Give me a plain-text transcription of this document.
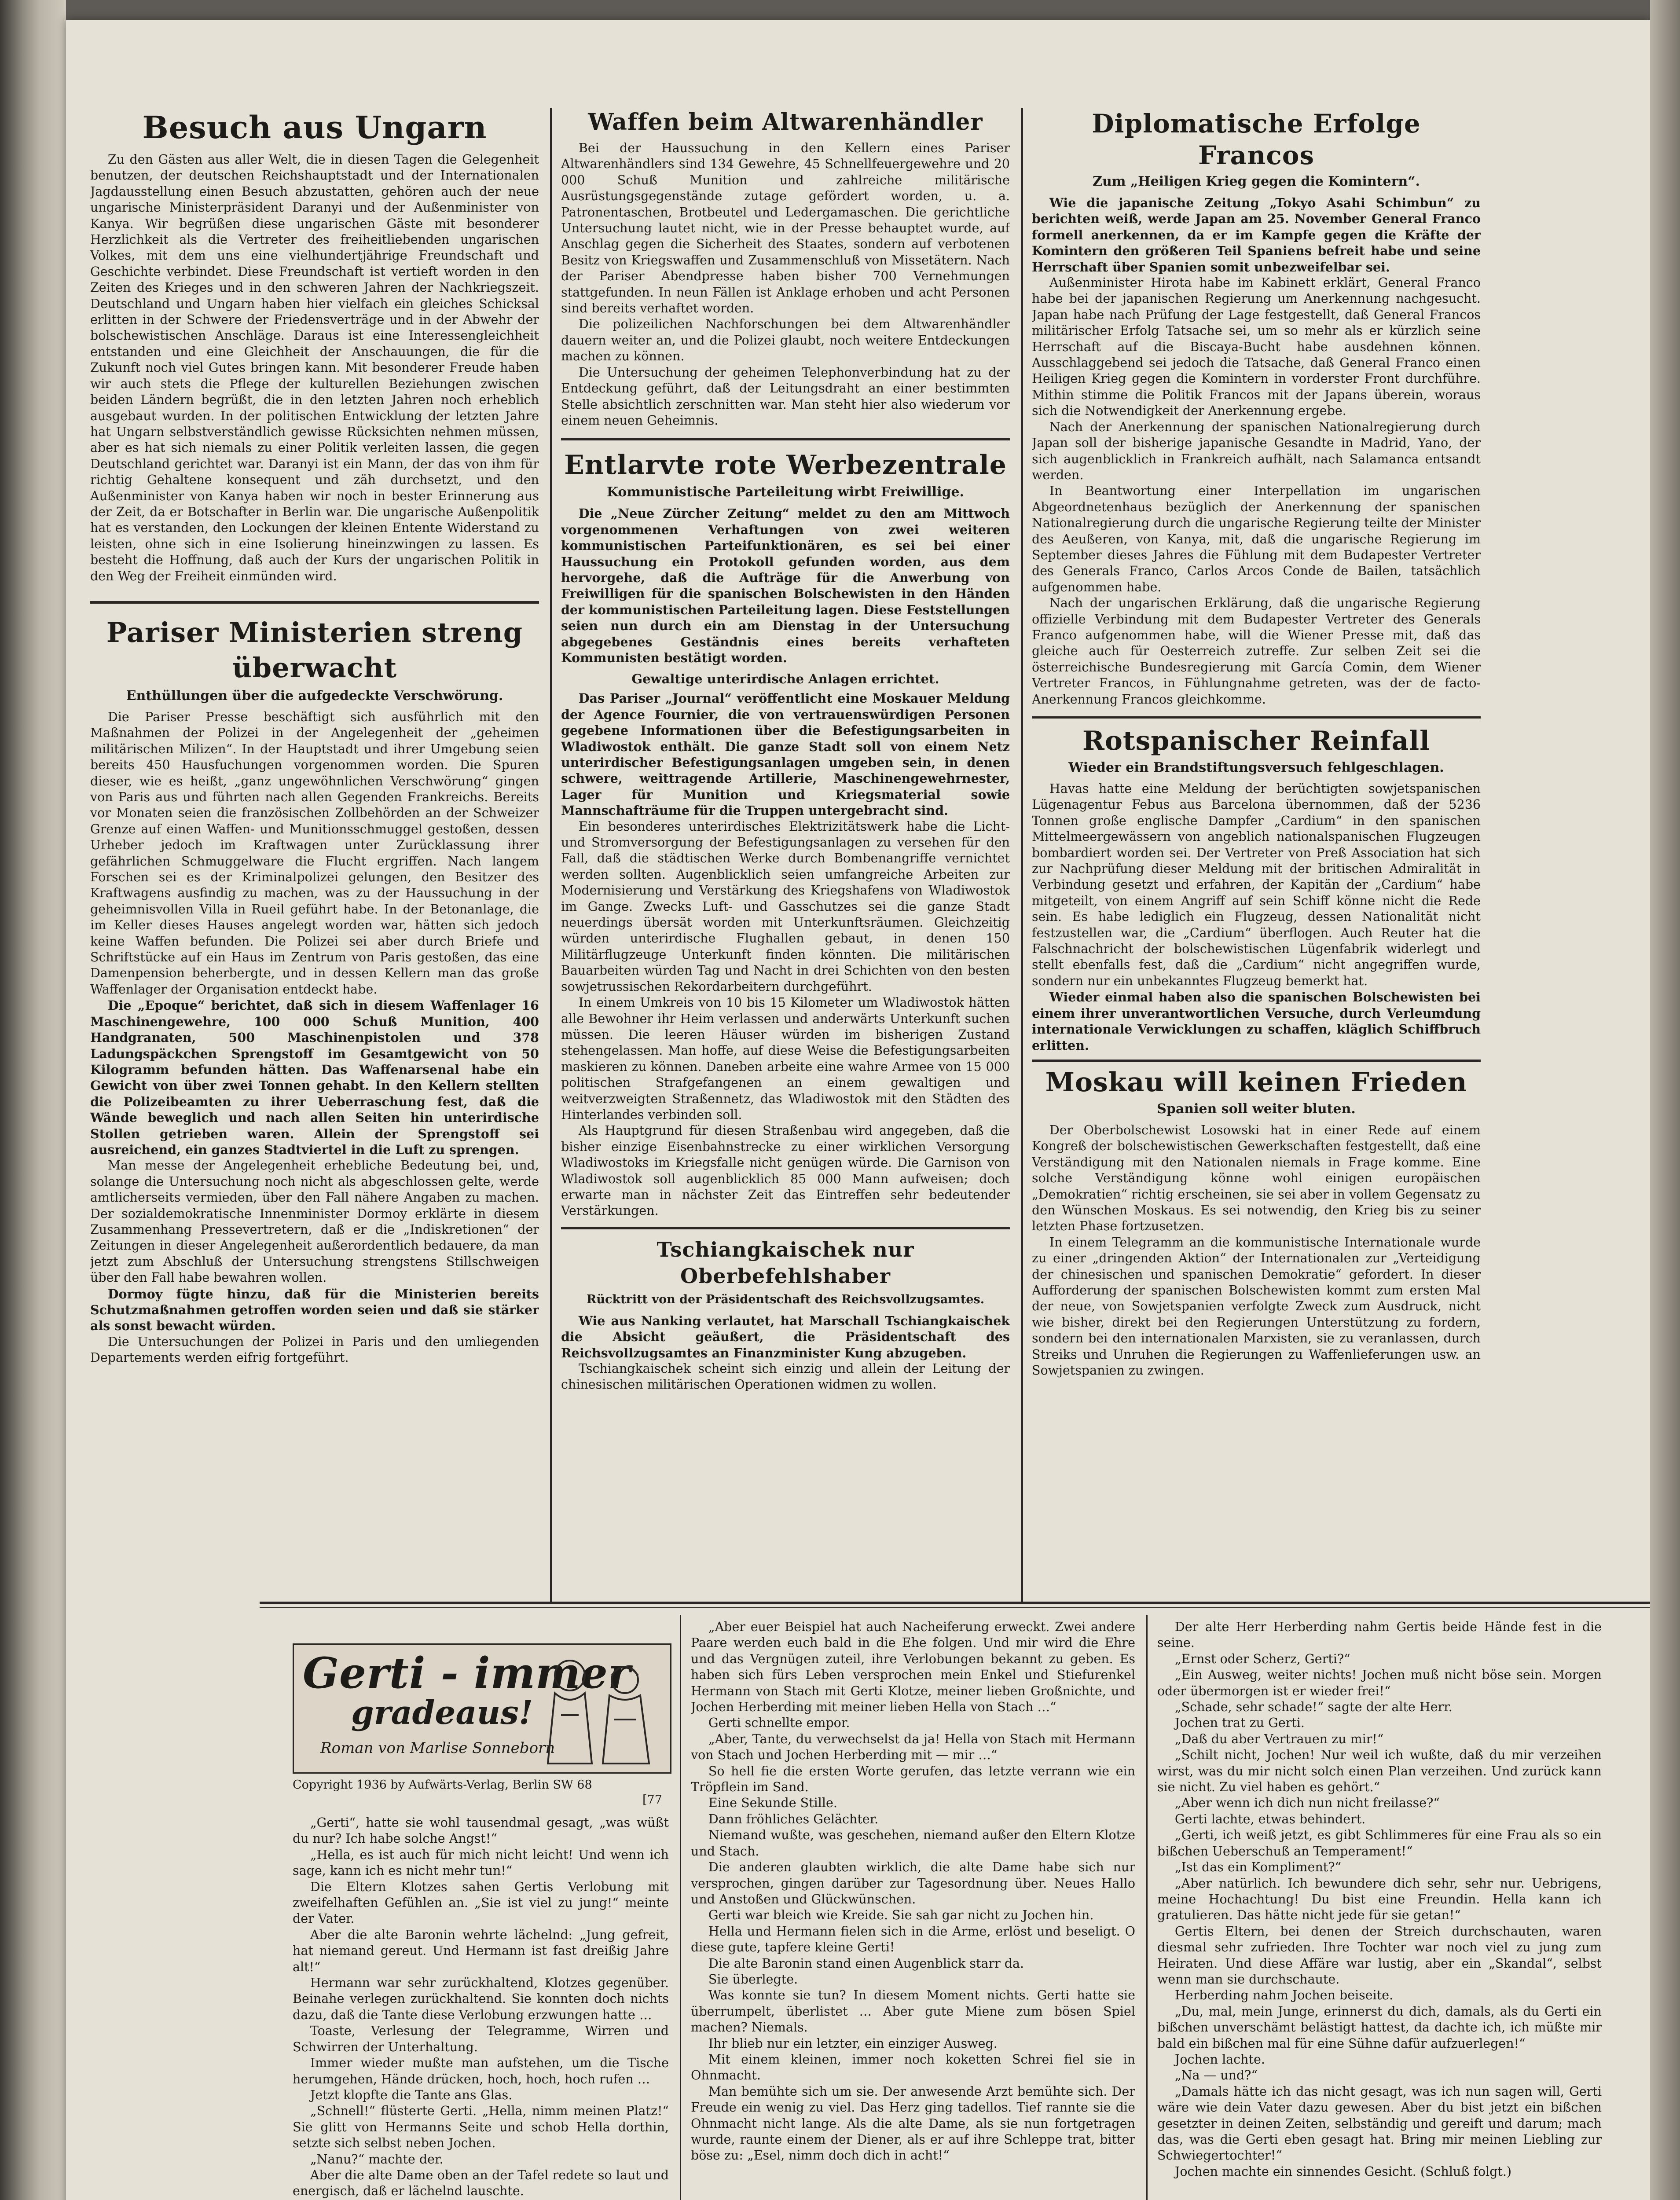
Besuch aus Ungarn

Zu den Gästen aus aller Welt, die in diesen Tagen die Gelegenheit benutzen, der deutschen Reichshauptstadt und der Internationalen Jagdausstellung einen Besuch abzustatten, gehören auch der neue ungarische Ministerpräsident Daranyi und der Außenminister von Kanya. Wir begrüßen diese ungarischen Gäste mit besonderer Herzlichkeit als die Vertreter des freiheitliebenden ungarischen Volkes, mit dem uns eine vielhundertjährige Freundschaft und Geschichte verbindet. Diese Freundschaft ist vertieft worden in den Zeiten des Krieges und in den schweren Jahren der Nachkriegszeit. Deutschland und Ungarn haben hier vielfach ein gleiches Schicksal erlitten in der Schwere der Friedensverträge und in der Abwehr der bolschewistischen Anschläge. Daraus ist eine Interessengleichheit entstanden und eine Gleichheit der Anschauungen, die für die Zukunft noch viel Gutes bringen kann. Mit besonderer Freude haben wir auch stets die Pflege der kulturellen Beziehungen zwischen beiden Ländern begrüßt, die in den letzten Jahren noch erheblich ausgebaut wurden. In der politischen Entwicklung der letzten Jahre hat Ungarn selbstverständlich gewisse Rücksichten nehmen müssen, aber es hat sich niemals zu einer Politik verleiten lassen, die gegen Deutschland gerichtet war. Daranyi ist ein Mann, der das von ihm für richtig Gehaltene konsequent und zäh durchsetzt, und den Außenminister von Kanya haben wir noch in bester Erinnerung aus der Zeit, da er Botschafter in Berlin war. Die ungarische Außenpolitik hat es verstanden, den Lockungen der kleinen Entente Widerstand zu leisten, ohne sich in eine Isolierung hineinzwingen zu lassen. Es besteht die Hoffnung, daß auch der Kurs der ungarischen Politik in den Weg der Freiheit einmünden wird.

Pariser Ministerien streng überwacht
Enthüllungen über die aufgedeckte Verschwörung.

Die Pariser Presse beschäftigt sich ausführlich mit den Maßnahmen der Polizei in der Angelegenheit der „geheimen militärischen Milizen“. In der Hauptstadt und ihrer Umgebung seien bereits 450 Hausfuchungen vorgenommen worden. Die Spuren dieser, wie es heißt, „ganz ungewöhnlichen Verschwörung“ gingen von Paris aus und führten nach allen Gegenden Frankreichs. Bereits vor Monaten seien die französischen Zollbehörden an der Schweizer Grenze auf einen Waffen- und Munitionsschmuggel gestoßen, dessen Urheber jedoch im Kraftwagen unter Zurücklassung ihrer gefährlichen Schmuggelware die Flucht ergriffen. Nach langem Forschen sei es der Kriminalpolizei gelungen, den Besitzer des Kraftwagens ausfindig zu machen, was zu der Haussuchung in der geheimnisvollen Villa in Rueil geführt habe. In der Betonanlage, die im Keller dieses Hauses angelegt worden war, hätten sich jedoch keine Waffen befunden. Die Polizei sei aber durch Briefe und Schriftstücke auf ein Haus im Zentrum von Paris gestoßen, das eine Damenpension beherbergte, und in dessen Kellern man das große Waffenlager der Organisation entdeckt habe.

Die „Epoque“ berichtet, daß sich in diesem Waffenlager 16 Maschinengewehre, 100 000 Schuß Munition, 400 Handgranaten, 500 Maschinenpistolen und 378 Ladungspäckchen Sprengstoff im Gesamtgewicht von 50 Kilogramm befunden hätten. Das Waffenarsenal habe ein Gewicht von über zwei Tonnen gehabt. In den Kellern stellten die Polizeibeamten zu ihrer Ueberraschung fest, daß die Wände beweglich und nach allen Seiten hin unterirdische Stollen getrieben waren. Allein der Sprengstoff sei ausreichend, ein ganzes Stadtviertel in die Luft zu sprengen.

Man messe der Angelegenheit erhebliche Bedeutung bei, und, solange die Untersuchung noch nicht als abgeschlossen gelte, werde amtlicherseits vermieden, über den Fall nähere Angaben zu machen. Der sozialdemokratische Innenminister Dormoy erklärte in diesem Zusammenhang Pressevertretern, daß er die „Indiskretionen“ der Zeitungen in dieser Angelegenheit außerordentlich bedauere, da man jetzt zum Abschluß der Untersuchung strengstens Stillschweigen über den Fall habe bewahren wollen.

Dormoy fügte hinzu, daß für die Ministerien bereits Schutzmaßnahmen getroffen worden seien und daß sie stärker als sonst bewacht würden.

Die Untersuchungen der Polizei in Paris und den umliegenden Departements werden eifrig fortgeführt.

Waffen beim Altwarenhändler

Bei der Haussuchung in den Kellern eines Pariser Altwarenhändlers sind 134 Gewehre, 45 Schnellfeuergewehre und 20 000 Schuß Munition und zahlreiche militärische Ausrüstungsgegenstände zutage gefördert worden, u. a. Patronentaschen, Brotbeutel und Ledergamaschen. Die gerichtliche Untersuchung lautet nicht, wie in der Presse behauptet wurde, auf Anschlag gegen die Sicherheit des Staates, sondern auf verbotenen Besitz von Kriegswaffen und Zusammenschluß von Missetätern. Nach der Pariser Abendpresse haben bisher 700 Vernehmungen stattgefunden. In neun Fällen ist Anklage erhoben und acht Personen sind bereits verhaftet worden.

Die polizeilichen Nachforschungen bei dem Altwarenhändler dauern weiter an, und die Polizei glaubt, noch weitere Entdeckungen machen zu können.

Die Untersuchung der geheimen Telephonverbindung hat zu der Entdeckung geführt, daß der Leitungsdraht an einer bestimmten Stelle absichtlich zerschnitten war. Man steht hier also wiederum vor einem neuen Geheimnis.

Entlarvte rote Werbezentrale
Kommunistische Parteileitung wirbt Freiwillige.

Die „Neue Zürcher Zeitung“ meldet zu den am Mittwoch vorgenommenen Verhaftungen von zwei weiteren kommunistischen Parteifunktionären, es sei bei einer Haussuchung ein Protokoll gefunden worden, aus dem hervorgehe, daß die Aufträge für die Anwerbung von Freiwilligen für die spanischen Bolschewisten in den Händen der kommunistischen Parteileitung lagen. Diese Feststellungen seien nun durch ein am Dienstag in der Untersuchung abgegebenes Geständnis eines bereits verhafteten Kommunisten bestätigt worden.

Gewaltige unterirdische Anlagen errichtet.

Das Pariser „Journal“ veröffentlicht eine Moskauer Meldung der Agence Fournier, die von vertrauenswürdigen Personen gegebene Informationen über die Befestigungsarbeiten in Wladiwostok enthält. Die ganze Stadt soll von einem Netz unterirdischer Befestigungsanlagen umgeben sein, in denen schwere, weittragende Artillerie, Maschinengewehrnester, Lager für Munition und Kriegsmaterial sowie Mannschafträume für die Truppen untergebracht sind.

Ein besonderes unterirdisches Elektrizitätswerk habe die Licht- und Stromversorgung der Befestigungsanlagen zu versehen für den Fall, daß die städtischen Werke durch Bombenangriffe vernichtet werden sollten. Augenblicklich seien umfangreiche Arbeiten zur Modernisierung und Verstärkung des Kriegshafens von Wladiwostok im Gange. Zwecks Luft- und Gasschutzes sei die ganze Stadt neuerdings übersät worden mit Unterkunftsräumen. Gleichzeitig würden unterirdische Flughallen gebaut, in denen 150 Militärflugzeuge Unterkunft finden könnten. Die militärischen Bauarbeiten würden Tag und Nacht in drei Schichten von den besten sowjetrussischen Rekordarbeitern durchgeführt.

In einem Umkreis von 10 bis 15 Kilometer um Wladiwostok hätten alle Bewohner ihr Heim verlassen und anderwärts Unterkunft suchen müssen. Die leeren Häuser würden im bisherigen Zustand stehengelassen. Man hoffe, auf diese Weise die Befestigungsarbeiten maskieren zu können. Daneben arbeite eine wahre Armee von 15 000 politischen Strafgefangenen an einem gewaltigen und weitverzweigten Straßennetz, das Wladiwostok mit den Städten des Hinterlandes verbinden soll.

Als Hauptgrund für diesen Straßenbau wird angegeben, daß die bisher einzige Eisenbahnstrecke zu einer wirklichen Versorgung Wladiwostoks im Kriegsfalle nicht genügen würde. Die Garnison von Wladiwostok soll augenblicklich 85 000 Mann aufweisen; doch erwarte man in nächster Zeit das Eintreffen sehr bedeutender Verstärkungen.

Tschiangkaischek nur Oberbefehlshaber
Rücktritt von der Präsidentschaft des Reichsvollzugsamtes.

Wie aus Nanking verlautet, hat Marschall Tschiangkaischek die Absicht geäußert, die Präsidentschaft des Reichsvollzugsamtes an Finanzminister Kung abzugeben.

Tschiangkaischek scheint sich einzig und allein der Leitung der chinesischen militärischen Operationen widmen zu wollen.

Diplomatische Erfolge Francos
Zum „Heiligen Krieg gegen die Komintern“.

Wie die japanische Zeitung „Tokyo Asahi Schimbun“ zu berichten weiß, werde Japan am 25. November General Franco formell anerkennen, da er im Kampfe gegen die Kräfte der Komintern den größeren Teil Spaniens befreit habe und seine Herrschaft über Spanien somit unbezweifelbar sei.

Außenminister Hirota habe im Kabinett erklärt, General Franco habe bei der japanischen Regierung um Anerkennung nachgesucht. Japan habe nach Prüfung der Lage festgestellt, daß General Francos militärischer Erfolg Tatsache sei, um so mehr als er kürzlich seine Herrschaft auf die Biscaya-Bucht habe ausdehnen können. Ausschlaggebend sei jedoch die Tatsache, daß General Franco einen Heiligen Krieg gegen die Komintern in vorderster Front durchführe. Mithin stimme die Politik Francos mit der Japans überein, woraus sich die Notwendigkeit der Anerkennung ergebe.

Nach der Anerkennung der spanischen Nationalregierung durch Japan soll der bisherige japanische Gesandte in Madrid, Yano, der sich augenblicklich in Frankreich aufhält, nach Salamanca entsandt werden.

In Beantwortung einer Interpellation im ungarischen Abgeordnetenhaus bezüglich der Anerkennung der spanischen Nationalregierung durch die ungarische Regierung teilte der Minister des Aeußeren, von Kanya, mit, daß die ungarische Regierung im September dieses Jahres die Fühlung mit dem Budapester Vertreter des Generals Franco, Carlos Arcos Conde de Bailen, tatsächlich aufgenommen habe.

Nach der ungarischen Erklärung, daß die ungarische Regierung offizielle Verbindung mit dem Budapester Vertreter des Generals Franco aufgenommen habe, will die Wiener Presse mit, daß das gleiche auch für Oesterreich zutreffe. Zur selben Zeit sei die österreichische Bundesregierung mit García Comin, dem Wiener Vertreter Francos, in Fühlungnahme getreten, was der de facto-Anerkennung Francos gleichkomme.

Rotspanischer Reinfall
Wieder ein Brandstiftungsversuch fehlgeschlagen.

Havas hatte eine Meldung der berüchtigten sowjetspanischen Lügenagentur Febus aus Barcelona übernommen, daß der 5236 Tonnen große englische Dampfer „Cardium“ in den spanischen Mittelmeergewässern von angeblich nationalspanischen Flugzeugen bombardiert worden sei. Der Vertreter von Preß Association hat sich zur Nachprüfung dieser Meldung mit der britischen Admiralität in Verbindung gesetzt und erfahren, der Kapitän der „Cardium“ habe mitgeteilt, von einem Angriff auf sein Schiff könne nicht die Rede sein. Es habe lediglich ein Flugzeug, dessen Nationalität nicht festzustellen war, die „Cardium“ überflogen. Auch Reuter hat die Falschnachricht der bolschewistischen Lügenfabrik widerlegt und stellt ebenfalls fest, daß die „Cardium“ nicht angegriffen wurde, sondern nur ein unbekanntes Flugzeug bemerkt hat.

Wieder einmal haben also die spanischen Bolschewisten bei einem ihrer unverantwortlichen Versuche, durch Verleumdung internationale Verwicklungen zu schaffen, kläglich Schiffbruch erlitten.

Moskau will keinen Frieden
Spanien soll weiter bluten.

Der Oberbolschewist Losowski hat in einer Rede auf einem Kongreß der bolschewistischen Gewerkschaften festgestellt, daß eine Verständigung mit den Nationalen niemals in Frage komme. Eine solche Verständigung könne wohl einigen europäischen „Demokratien“ richtig erscheinen, sie sei aber in vollem Gegensatz zu den Wünschen Moskaus. Es sei notwendig, den Krieg bis zu seiner letzten Phase fortzusetzen.

In einem Telegramm an die kommunistische Internationale wurde zu einer „dringenden Aktion“ der Internationalen zur „Verteidigung der chinesischen und spanischen Demokratie“ gefordert. In dieser Aufforderung der spanischen Bolschewisten kommt zum ersten Mal der neue, von Sowjetspanien verfolgte Zweck zum Ausdruck, nicht wie bisher, direkt bei den Regierungen Unterstützung zu fordern, sondern bei den internationalen Marxisten, sie zu veranlassen, durch Streiks und Unruhen die Regierungen zu Waffenlieferungen usw. an Sowjetspanien zu zwingen.

Gerti - immer
gradeaus!
Roman von Marlise Sonneborn
Copyright 1936 by Aufwärts-Verlag, Berlin SW 68
[77

„Gerti“, hatte sie wohl tausendmal gesagt, „was wüßt du nur? Ich habe solche Angst!“

„Hella, es ist auch für mich nicht leicht! Und wenn ich sage, kann ich es nicht mehr tun!“

Die Eltern Klotzes sahen Gertis Verlobung mit zweifelhaften Gefühlen an. „Sie ist viel zu jung!“ meinte der Vater.

Aber die alte Baronin wehrte lächelnd: „Jung gefreit, hat niemand gereut. Und Hermann ist fast dreißig Jahre alt!“

Hermann war sehr zurückhaltend, Klotzes gegenüber. Beinahe verlegen zurückhaltend. Sie konnten doch nichts dazu, daß die Tante diese Verlobung erzwungen hatte …

Toaste, Verlesung der Telegramme, Wirren und Schwirren der Unterhaltung.

Immer wieder mußte man aufstehen, um die Tische herumgehen, Hände drücken, hoch, hoch, hoch rufen …

Jetzt klopfte die Tante ans Glas.

„Schnell!“ flüsterte Gerti. „Hella, nimm meinen Platz!“ Sie glitt von Hermanns Seite und schob Hella dorthin, setzte sich selbst neben Jochen.

„Nanu?“ machte der.

Aber die alte Dame oben an der Tafel redete so laut und energisch, daß er lächelnd lauschte.

„Aber euer Beispiel hat auch Nacheiferung erweckt. Zwei andere Paare werden euch bald in die Ehe folgen. Und mir wird die Ehre und das Vergnügen zuteil, ihre Verlobungen bekannt zu geben. Es haben sich fürs Leben versprochen mein Enkel und Stiefurenkel Hermann von Stach mit Gerti Klotze, meiner lieben Großnichte, und Jochen Herberding mit meiner lieben Hella von Stach …“

Gerti schnellte empor.

„Aber, Tante, du verwechselst da ja! Hella von Stach mit Hermann von Stach und Jochen Herberding mit — mir …“

So hell fie die ersten Worte gerufen, das letzte verrann wie ein Tröpflein im Sand.

Eine Sekunde Stille.

Dann fröhliches Gelächter.

Niemand wußte, was geschehen, niemand außer den Eltern Klotze und Stach.

Die anderen glaubten wirklich, die alte Dame habe sich nur versprochen, gingen darüber zur Tagesordnung über. Neues Hallo und Anstoßen und Glückwünschen.

Gerti war bleich wie Kreide. Sie sah gar nicht zu Jochen hin.

Hella und Hermann fielen sich in die Arme, erlöst und beseligt. O diese gute, tapfere kleine Gerti!

Die alte Baronin stand einen Augenblick starr da.

Sie überlegte.

Was konnte sie tun? In diesem Moment nichts. Gerti hatte sie überrumpelt, überlistet … Aber gute Miene zum bösen Spiel machen? Niemals.

Ihr blieb nur ein letzter, ein einziger Ausweg.

Mit einem kleinen, immer noch koketten Schrei fiel sie in Ohnmacht.

Man bemühte sich um sie. Der anwesende Arzt bemühte sich. Der Freude ein wenig zu viel. Das Herz ging tadellos. Tief rannte sie die Ohnmacht nicht lange. Als die alte Dame, als sie nun fortgetragen wurde, raunte einem der Diener, als er auf ihre Schleppe trat, bitter böse zu: „Esel, nimm doch dich in acht!“

Der alte Herr Herberding nahm Gertis beide Hände fest in die seine.

„Ernst oder Scherz, Gerti?“

„Ein Ausweg, weiter nichts! Jochen muß nicht böse sein. Morgen oder übermorgen ist er wieder frei!“

„Schade, sehr schade!“ sagte der alte Herr.

Jochen trat zu Gerti.

„Daß du aber Vertrauen zu mir!“

„Schilt nicht, Jochen! Nur weil ich wußte, daß du mir verzeihen wirst, was du mir nicht solch einen Plan verzeihen. Und zurück kann sie nicht. Zu viel haben es gehört.“

„Aber wenn ich dich nun nicht freilasse?“

Gerti lachte, etwas behindert.

„Gerti, ich weiß jetzt, es gibt Schlimmeres für eine Frau als so ein bißchen Ueberschuß an Temperament!“

„Ist das ein Kompliment?“

„Aber natürlich. Ich bewundere dich sehr, sehr nur. Uebrigens, meine Hochachtung! Du bist eine Freundin. Hella kann ich gratulieren. Das hätte nicht jede für sie getan!“

Gertis Eltern, bei denen der Streich durchschauten, waren diesmal sehr zufrieden. Ihre Tochter war noch viel zu jung zum Heiraten. Und diese Affäre war lustig, aber ein „Skandal“, selbst wenn man sie durchschaute.

Herberding nahm Jochen beiseite.

„Du, mal, mein Junge, erinnerst du dich, damals, als du Gerti ein bißchen unverschämt belästigt hattest, da dachte ich, ich müßte mir bald ein bißchen mal für eine Sühne dafür aufzuerlegen!“

Jochen lachte.

„Na — und?“

„Damals hätte ich das nicht gesagt, was ich nun sagen will, Gerti wäre wie dein Vater dazu gewesen. Aber du bist jetzt ein bißchen gesetzter in deinen Zeiten, selbständig und gereift und darum; mach das, was die Gerti eben gesagt hat. Bring mir meinen Liebling zur Schwiegertochter!“

Jochen machte ein sinnendes Gesicht. (Schluß folgt.)
